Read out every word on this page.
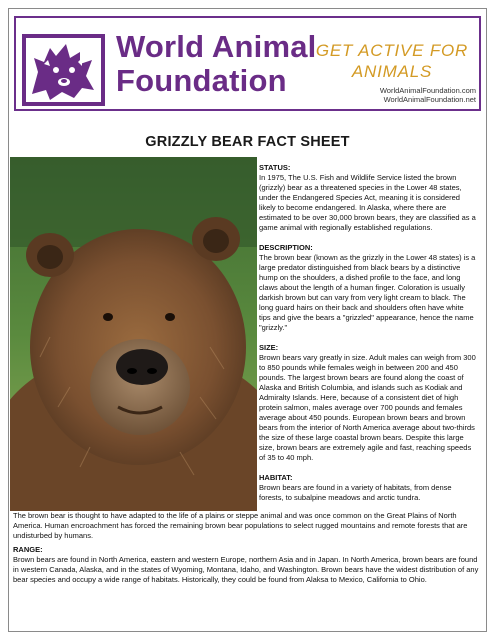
World Animal
Foundation
GET ACTIVE FOR
ANIMALS
WorldAnimalFoundation.com
WorldAnimalFoundation.net
GRIZZLY BEAR FACT SHEET
STATUS:
In 1975, The U.S. Fish and Wildlife Service listed the brown (grizzly) bear as a threatened species in the Lower 48 states, under the Endangered Species Act, meaning it is considered likely to become endangered. In Alaska, where there are estimated to be over 30,000 brown bears, they are classified as a game animal with regionally established regulations.
DESCRIPTION:
The brown bear (known as the grizzly in the Lower 48 states) is a large predator distinguished from black bears by a distinctive hump on the shoulders, a dished profile to the face, and long claws about the length of a human finger. Coloration is usually darkish brown but can vary from very light cream to black. The long guard hairs on their back and shoulders often have white tips and give the bears a "grizzled" appearance, hence the name "grizzly."
SIZE:
Brown bears vary greatly in size. Adult males can weigh from 300 to 850 pounds while females weigh in between 200 and 450 pounds. The largest brown bears are found along the coast of Alaska and British Columbia, and islands such as Kodiak and Admiralty Islands. Here, because of a consistent diet of high protein salmon, males average over 700 pounds and females average about 450 pounds. European brown bears and brown bears from the interior of North America average about two-thirds the size of these large coastal brown bears. Despite this large size, brown bears are extremely agile and fast, reaching speeds of 35 to 40 mph.
HABITAT:
Brown bears are found in a variety of habitats, from dense forests, to subalpine meadows and arctic tundra.
The brown bear is thought to have adapted to the life of a plains or steppe animal and was once common on the Great Plains of North America. Human encroachment has forced the remaining brown bear populations to select rugged mountains and remote forests that are undisturbed by humans.
RANGE:
Brown bears are found in North America, eastern and western Europe, northern Asia and in Japan. In North America, brown bears are found in western Canada, Alaska, and in the states of Wyoming, Montana, Idaho, and Washington. Brown bears have the widest distribution of any bear species and occupy a wide range of habitats. Historically, they could be found from Alaksa to Mexico, California to Ohio.
